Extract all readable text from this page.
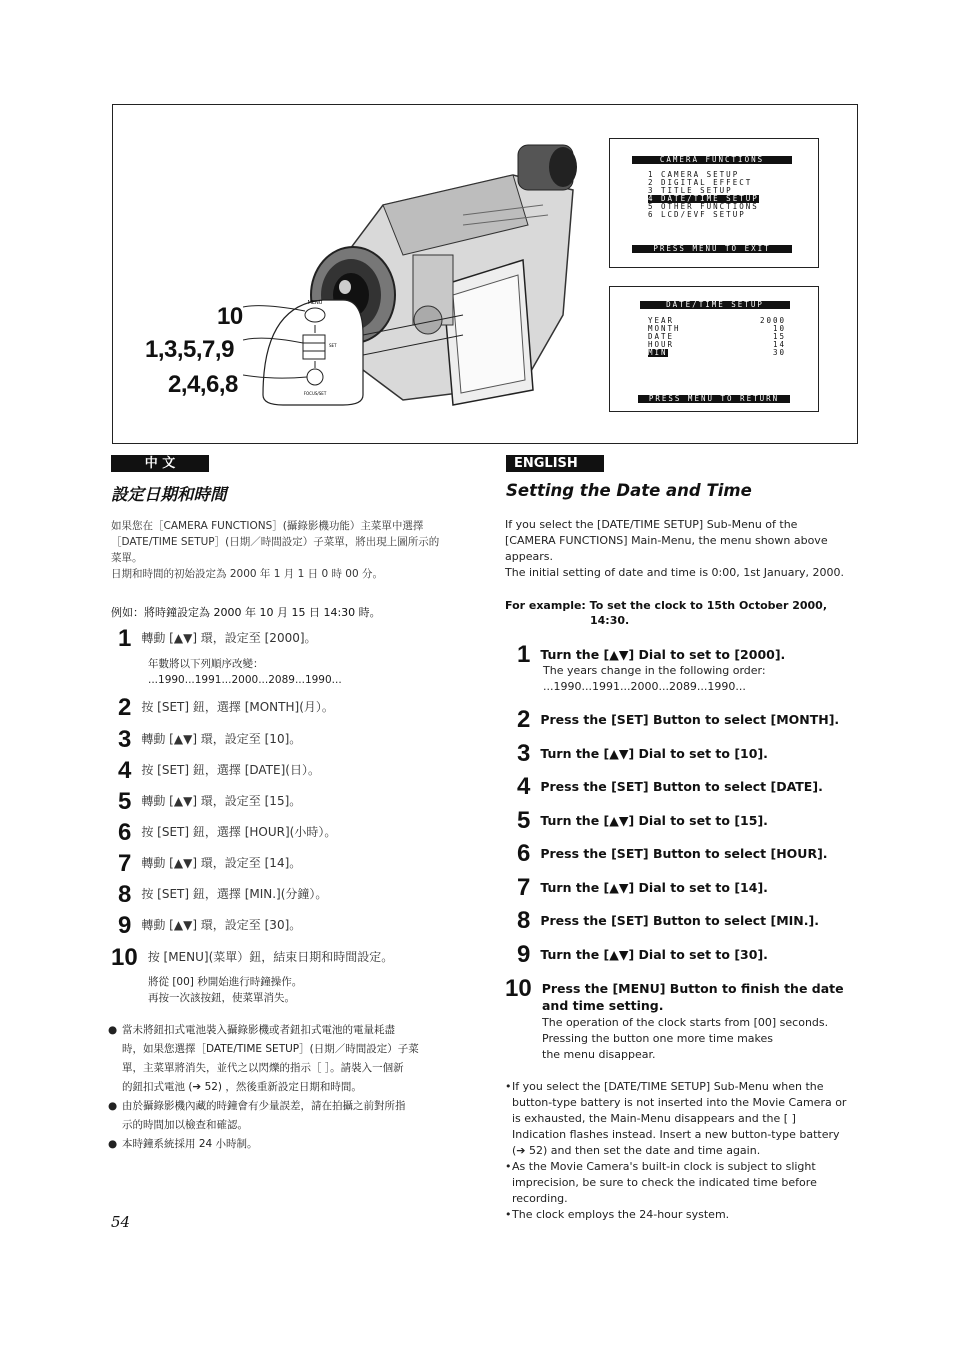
MENU
SET
FOCUS/SET
10
1,3,5,7,9
2,4,6,8
CAMERA FUNCTIONS
1 CAMERA SETUP
2 DIGITAL EFFECT
3 TITLE SETUP
4 DATE/TIME SETUP
5 OTHER FUNCTIONS
6 LCD/EVF SETUP
PRESS MENU TO EXIT
DATE/TIME SETUP
YEAR
MONTH
DATE
HOUR
MIN
2000
10
15
14
30
PRESS MENU TO RETURN
中 文
設定日期和時間
如果您在［CAMERA FUNCTIONS］(攝錄影機功能）主菜單中選擇
［DATE/TIME SETUP］(日期／時間設定）子菜單，將出現上圖所示的
菜單。
日期和時間的初始設定為 2000 年 1 月 1 日 0 時 00 分。
例如：將時鐘設定為 2000 年 10 月 15 日 14:30 時。
1 轉動 [▲▼] 環，設定至 [2000]。
年數將以下列順序改變：
...1990...1991...2000...2089...1990...
2 按 [SET] 鈕，選擇 [MONTH](月）。
3 轉動 [▲▼] 環，設定至 [10]。
4 按 [SET] 鈕，選擇 [DATE](日）。
5 轉動 [▲▼] 環，設定至 [15]。
6 按 [SET] 鈕，選擇 [HOUR](小時）。
7 轉動 [▲▼] 環，設定至 [14]。
8 按 [SET] 鈕，選擇 [MIN.](分鐘）。
9 轉動 [▲▼] 環，設定至 [30]。
10 按 [MENU](菜單）鈕，結束日期和時間設定。
將從 [00] 秒開始進行時鐘操作。
再按一次該按鈕，使菜單消失。
● 當未將鈕扣式電池裝入攝錄影機或者鈕扣式電池的電量耗盡
時，如果您選擇［DATE/TIME SETUP］(日期／時間設定）子菜
單，主菜單將消失，並代之以閃爍的指示［ ］。請裝入一個新
的鈕扣式電池 (➔ 52) ，然後重新設定日期和時間。
● 由於攝錄影機內藏的時鐘會有少量誤差，請在拍攝之前對所指
示的時間加以檢查和確認。
● 本時鐘系統採用 24 小時制。
ENGLISH
Setting the Date and Time
If you select the [DATE/TIME SETUP] Sub-Menu of the
[CAMERA FUNCTIONS] Main-Menu, the menu shown above
appears.
The initial setting of date and time is 0:00, 1st January, 2000.
For example: To set the clock to 15th October 2000,
14:30.
1 Turn the [▲▼] Dial to set to [2000].
The years change in the following order:
...1990...1991...2000...2089...1990...
2 Press the [SET] Button to select [MONTH].
3 Turn the [▲▼] Dial to set to [10].
4 Press the [SET] Button to select [DATE].
5 Turn the [▲▼] Dial to set to [15].
6 Press the [SET] Button to select [HOUR].
7 Turn the [▲▼] Dial to set to [14].
8 Press the [SET] Button to select [MIN.].
9 Turn the [▲▼] Dial to set to [30].
10 Press the [MENU] Button to finish the date
and time setting.
The operation of the clock starts from [00] seconds.
Pressing the button one more time makes
the menu disappear.
• If you select the [DATE/TIME SETUP] Sub-Menu when the
button-type battery is not inserted into the Movie Camera or
is exhausted, the Main-Menu disappears and the [ ]
Indication flashes instead. Insert a new button-type battery
(➔ 52) and then set the date and time again.
• As the Movie Camera's built-in clock is subject to slight
imprecision, be sure to check the indicated time before
recording.
• The clock employs the 24-hour system.
54
